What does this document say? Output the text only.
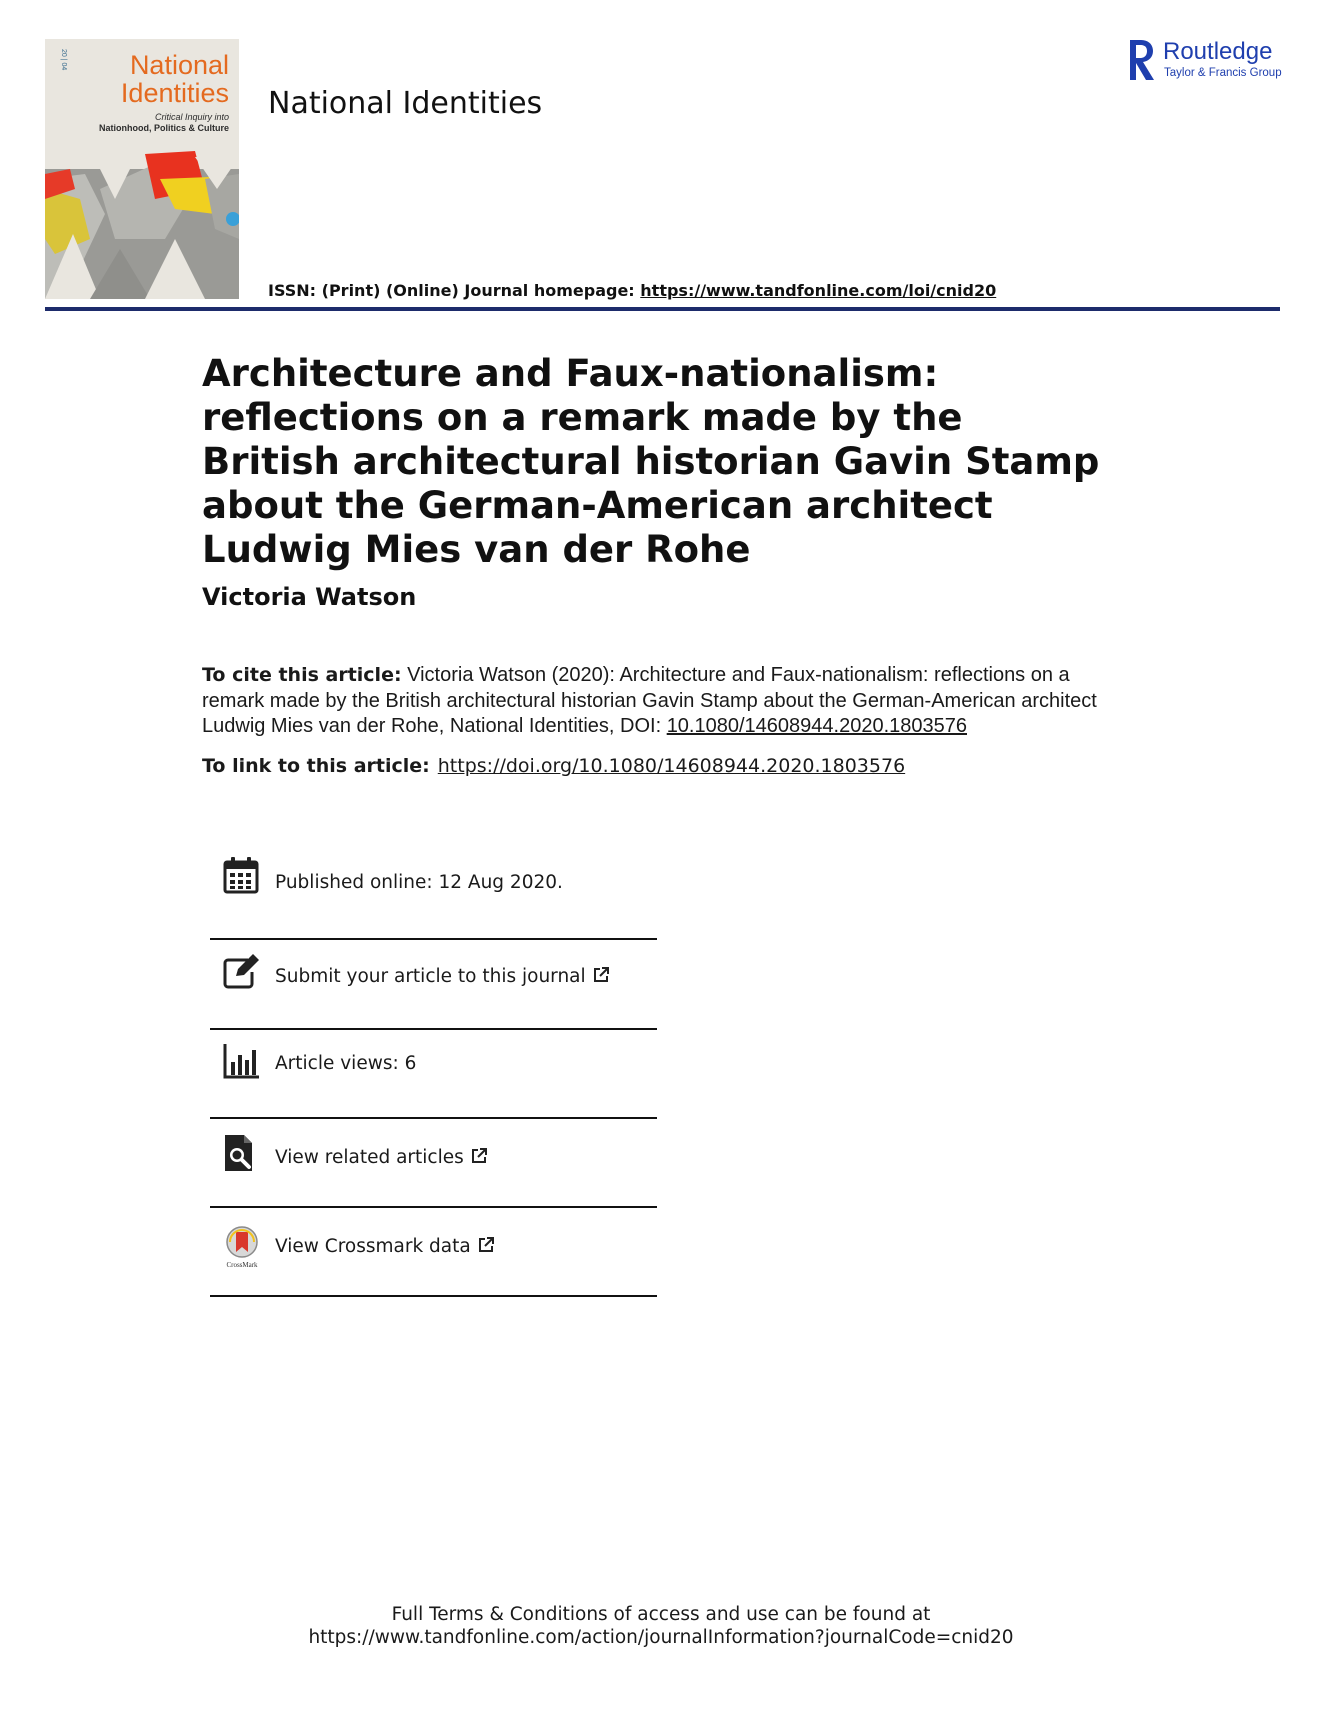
20 | 04	National
Identities
Critical Inquiry into
Nationhood, Politics & Culture
National Identities
Routledge
Taylor & Francis Group
ISSN: (Print) (Online) Journal homepage: https://www.tandfonline.com/loi/cnid20
Architecture and Faux-nationalism: reflections on a remark made by the British architectural historian Gavin Stamp about the German-American architect Ludwig Mies van der Rohe
Victoria Watson
To cite this article: Victoria Watson (2020): Architecture and Faux-nationalism: reflections on a remark made by the British architectural historian Gavin Stamp about the German-American architect Ludwig Mies van der Rohe, National Identities, DOI: 10.1080/14608944.2020.1803576
To link to this article: https://doi.org/10.1080/14608944.2020.1803576
Published online: 12 Aug 2020.
Submit your article to this journal
Article views: 6
View related articles
CrossMark
View Crossmark data
Full Terms & Conditions of access and use can be found at
https://www.tandfonline.com/action/journalInformation?journalCode=cnid20
